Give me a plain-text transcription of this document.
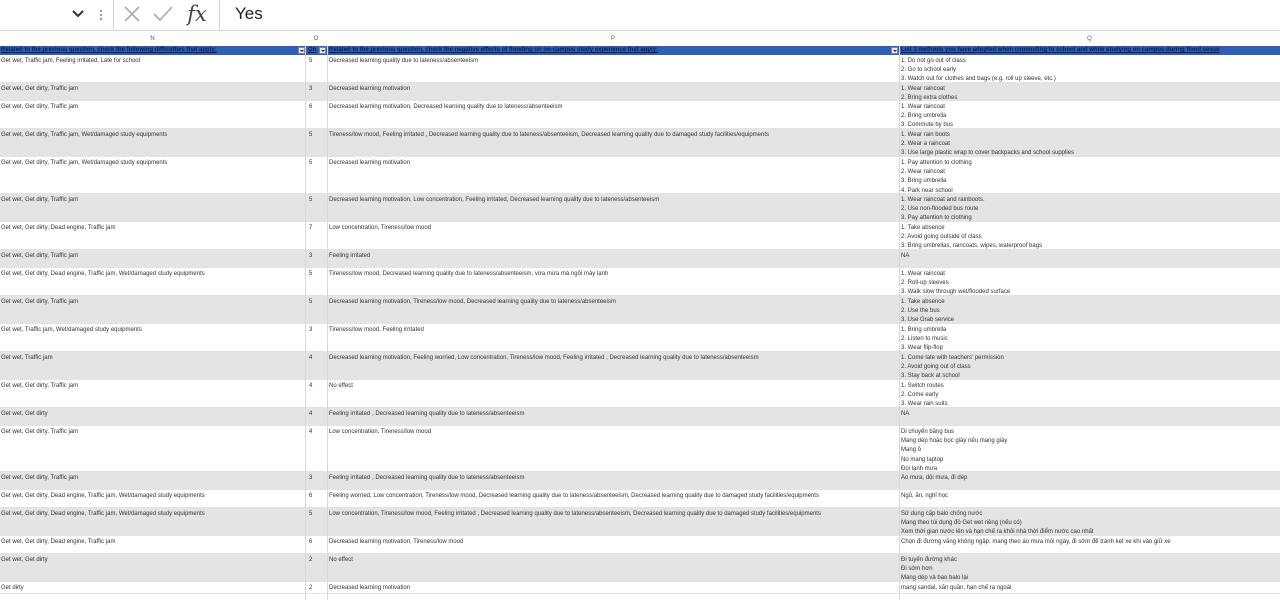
fx Yes
N	O	P	Q
Related to the previous question, check the following difficulties that apply:	On	Related to the previous question, check the negative effects of flooding on on-campus study experience that apply:	List 3 methods you have adopted when commuting to school and while studying on campus during flood seaso
Get wet, Traffic jam, Feeling irritated, Late for school	5	Decreased learning quality due to lateness/absenteeism	1. Do not go out of class
2. Go to school early
3. Watch out for clothes and bags (e.g. roll up sleeve, etc.)
Get wet, Get dirty, Traffic jam	3	Decreased learning motivation	1. Wear raincoat
2. Bring extra clothes
Get wet, Get dirty, Traffic jam	6	Decreased learning motivation, Decreased learning quality due to lateness/absenteeism	1. Wear raincoat
2. Bring umbrella
3. Commute by bus
Get wet, Get dirty, Traffic jam, Wet/damaged study equipments	5	Tireness/low mood, Feeling irritated , Decreased learning quality due to lateness/absenteeism, Decreased learning quality due to damaged study facilities/equipments	1. Wear rain boots
2. Wear a raincoat
3. Use large plastic wrap to cover backpacks and school supplies
Get wet, Get dirty, Traffic jam, Wet/damaged study equipments	5	Decreased learning motivation	1. Pay attention to clothing
2. Wear raincoat
3. Bring umbrella
4. Park near school
Get wet, Get dirty, Traffic jam	5	Decreased learning motivation, Low concentration, Feeling irritated, Decreased learning quality due to lateness/absenteeism	1. Wear raincoat and rainboots.
2. Use non-flooded bus route
3. Pay attention to clothing
Get wet, Get dirty, Dead engine, Traffic jam	7	Low concentration, Tireness/low mood	1. Take absence
2. Avoid going outside of class
3. Bring umbrellas, raincoats, wipes, waterproof bags
Get wet, Get dirty, Traffic jam	3	Feeling irritated	NA
Get wet, Get dirty, Dead engine, Traffic jam, Wet/damaged study equipments	5	Tireness/low mood, Decreased learning quality due to lateness/absenteeism, vừa mưa mà ngồi máy lạnh	1. Wear raincoat
2. Roll-up sleeves
3. Walk slow through wet/flooded surface
Get wet, Get dirty, Traffic jam	5	Decreased learning motivation, Tireness/low mood, Decreased learning quality due to lateness/absenteeism	1. Take absence
2. Use the bus
3. Use Grab service
Get wet, Traffic jam, Wet/damaged study equipments	3	Tireness/low mood, Feeling irritated	1. Bring umbrella
2. Listen to music
3. Wear flip-flop
Get wet, Traffic jam	4	Decreased learning motivation, Feeling worried, Low concentration, Tireness/low mood, Feeling irritated , Decreased learning quality due to lateness/absenteeism	1. Come late with teachers' permission
2. Avoid going out of class
3. Stay back at school
Get wet, Get dirty, Traffic jam	4	No effect	1. Switch routes
2. Come early
3. Wear rain suits
Get wet, Get dirty	4	Feeling irritated , Decreased learning quality due to lateness/absenteeism	NA
Get wet, Get dirty, Traffic jam	4	Low concentration, Tireness/low mood	Di chuyển bằng bus
Mang dép hoặc bọc giày nếu mang giày
Mang ô
No mang laptop
Đọi lạnh mưa
Get wet, Get dirty, Traffic jam	3	Feeling irritated , Decreased learning quality due to lateness/absenteeism	Áo mưa, dội mưa, đi dép
Get wet, Get dirty, Dead engine, Traffic jam, Wet/damaged study equipments	6	Feeling worried, Low concentration, Tireness/low mood, Decreased learning quality due to lateness/absenteeism, Decreased learning quality due to damaged study facilities/equipments	Ngủ, ăn, nghỉ học
Get wet, Get dirty, Dead engine, Traffic jam, Wet/damaged study equipments	5	Low concentration, Tireness/low mood, Feeling irritated , Decreased learning quality due to lateness/absenteeism, Decreased learning quality due to damaged study facilities/equipments	Sử dụng cặp balo chống nước
Mang theo túi dụng đồ Get wet riêng (nếu có)
Xem thời gian nước lên và hạn chế ra khỏi nhà thời điểm nước cao nhất
Get wet, Get dirty, Dead engine, Traffic jam	6	Decreased learning motivation, Tireness/low mood	Chọn đi đường vắng không ngập, mang theo áo mưa mỗi ngày, đi sớm để tránh kẹt xe khi vào giữ xe
Get wet, Get dirty	2	No effect	Đi tuyến đường khác
Đi sớm hơn
Mang dép và bao balo lại
Get dirty	2	Decreased learning motivation	mang sandal, xắn quần, hạn chế ra ngoài
